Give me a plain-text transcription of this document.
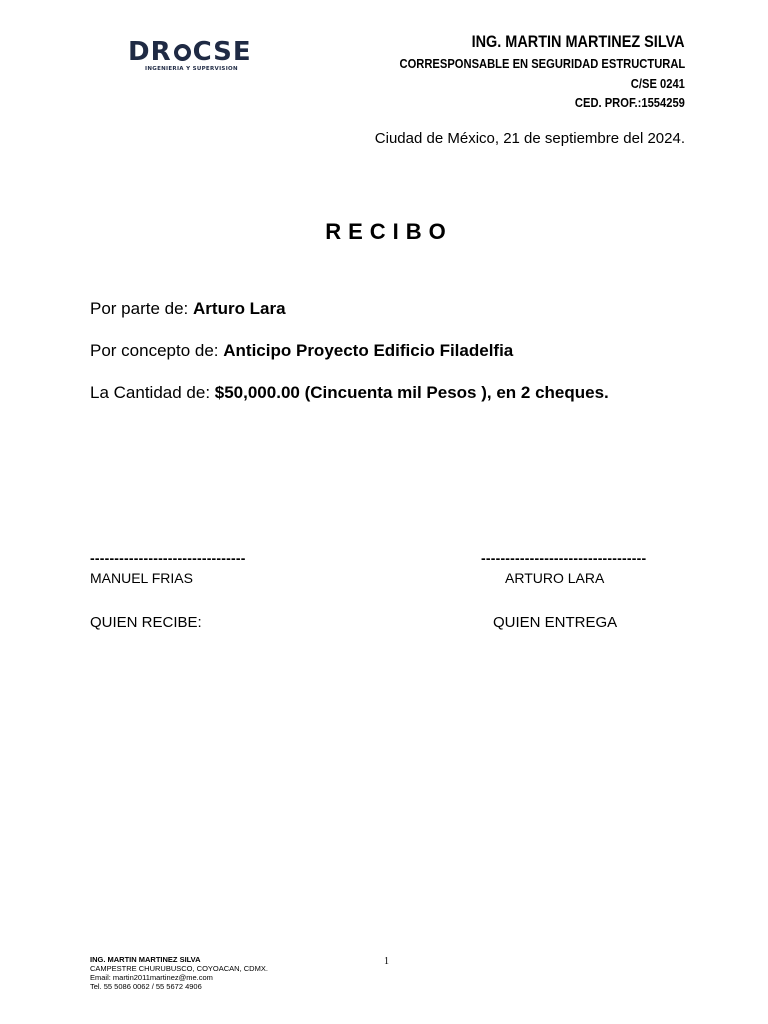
DR CSE
INGENIERIA Y SUPERVISION
ING. MARTIN MARTINEZ SILVA
CORRESPONSABLE EN SEGURIDAD ESTRUCTURAL
C/SE 0241
CED. PROF.:1554259
Ciudad de México, 21 de septiembre del 2024.
RECIBO
Por parte de: Arturo Lara
Por concepto de: Anticipo Proyecto Edificio Filadelfia
La Cantidad de: $50,000.00 (Cincuenta mil Pesos ), en 2 cheques.
--------------------------------	----------------------------------
MANUEL FRIAS	ARTURO LARA
QUIEN RECIBE:	QUIEN ENTREGA
1
ING. MARTIN MARTINEZ SILVA
CAMPESTRE CHURUBUSCO, COYOACAN, CDMX.
Email: martin2011martinez@me.com
Tel. 55 5086 0062 / 55 5672 4906
